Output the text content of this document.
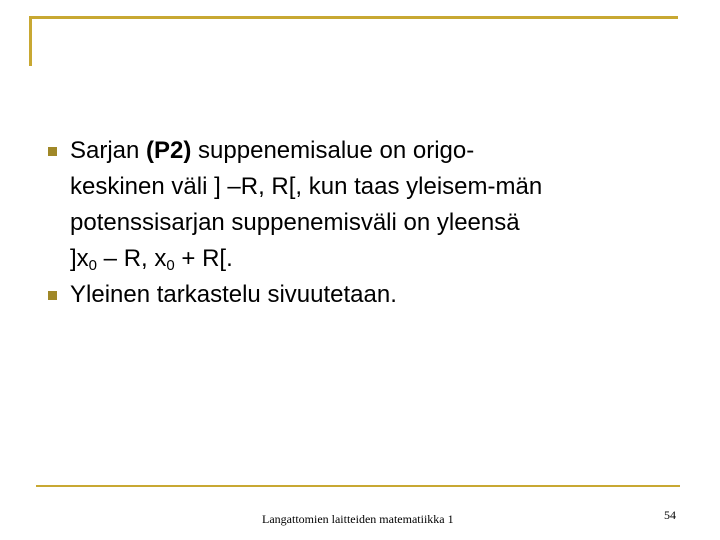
Sarjan (P2) suppenemisalue on origo-
keskinen väli ] –R, R[, kun taas yleisem-män
potenssisarjan suppenemisväli on yleensä
]$x_0$ – R, $x_0 + R$[.
Yleinen tarkastelu sivuutetaan.
Langattomien laitteiden matematiikka 1	54
